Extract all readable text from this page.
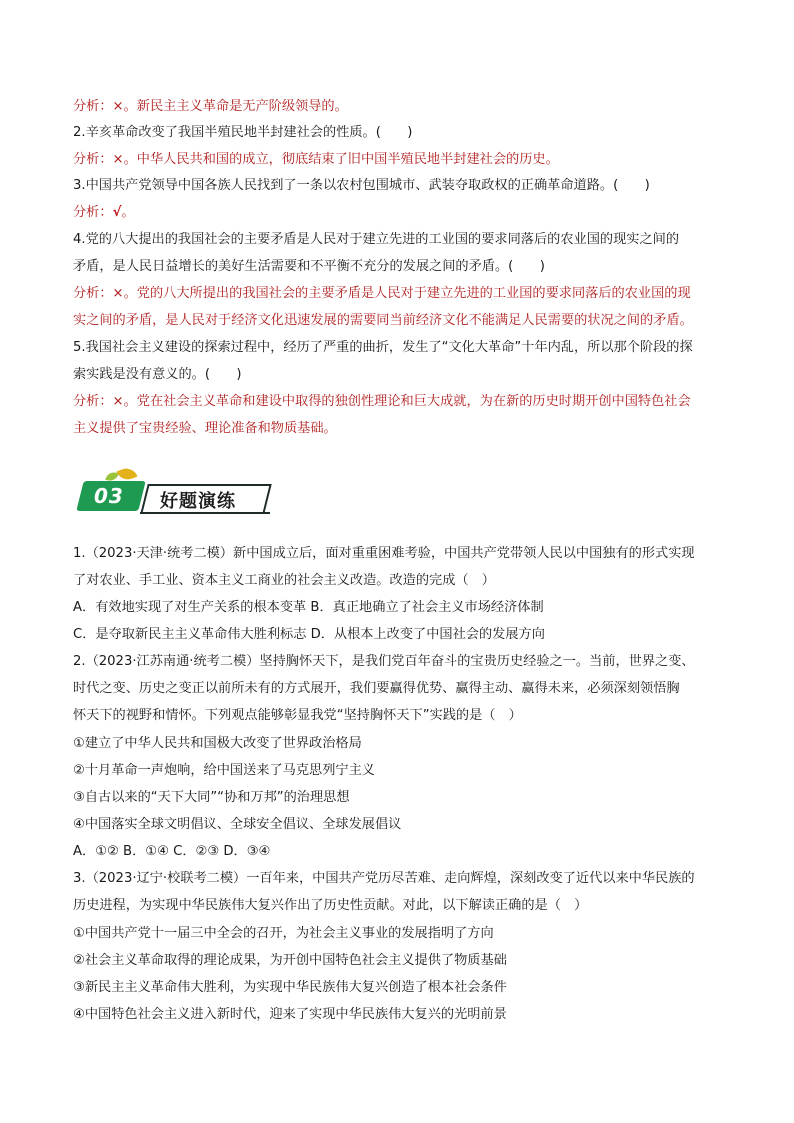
分析：×。新民主主义革命是无产阶级领导的。
2.辛亥革命改变了我国半殖民地半封建社会的性质。(　　)
分析：×。中华人民共和国的成立，彻底结束了旧中国半殖民地半封建社会的历史。
3.中国共产党领导中国各族人民找到了一条以农村包围城市、武装夺取政权的正确革命道路。(　　)
分析：√。
4.党的八大提出的我国社会的主要矛盾是人民对于建立先进的工业国的要求同落后的农业国的现实之间的
矛盾，是人民日益增长的美好生活需要和不平衡不充分的发展之间的矛盾。(　　)
分析：×。党的八大所提出的我国社会的主要矛盾是人民对于建立先进的工业国的要求同落后的农业国的现
实之间的矛盾，是人民对于经济文化迅速发展的需要同当前经济文化不能满足人民需要的状况之间的矛盾。
5.我国社会主义建设的探索过程中，经历了严重的曲折，发生了“文化大革命”十年内乱，所以那个阶段的探
索实践是没有意义的。(　　)
分析：×。党在社会主义革命和建设中取得的独创性理论和巨大成就，为在新的历史时期开创中国特色社会
主义提供了宝贵经验、理论准备和物质基础。
03 好题演练
1.（2023·天津·统考二模）新中国成立后，面对重重困难考验，中国共产党带领人民以中国独有的形式实现
了对农业、手工业、资本主义工商业的社会主义改造。改造的完成（　）
A．有效地实现了对生产关系的根本变革 B．真正地确立了社会主义市场经济体制
C．是夺取新民主主义革命伟大胜利标志 D．从根本上改变了中国社会的发展方向
2.（2023·江苏南通·统考二模）坚持胸怀天下，是我们党百年奋斗的宝贵历史经验之一。当前，世界之变、
时代之变、历史之变正以前所未有的方式展开，我们要赢得优势、赢得主动、赢得未来，必须深刻领悟胸
怀天下的视野和情怀。下列观点能够彰显我党“坚持胸怀天下”实践的是（　）
①建立了中华人民共和国极大改变了世界政治格局
②十月革命一声炮响，给中国送来了马克思列宁主义
③自古以来的“天下大同”“协和万邦”的治理思想
④中国落实全球文明倡议、全球安全倡议、全球发展倡议
A．①② B．①④ C．②③ D．③④
3.（2023·辽宁·校联考二模）一百年来，中国共产党历尽苦难、走向辉煌，深刻改变了近代以来中华民族的
历史进程，为实现中华民族伟大复兴作出了历史性贡献。对此，以下解读正确的是（　）
①中国共产党十一届三中全会的召开，为社会主义事业的发展指明了方向
②社会主义革命取得的理论成果，为开创中国特色社会主义提供了物质基础
③新民主主义革命伟大胜利，为实现中华民族伟大复兴创造了根本社会条件
④中国特色社会主义进入新时代，迎来了实现中华民族伟大复兴的光明前景
